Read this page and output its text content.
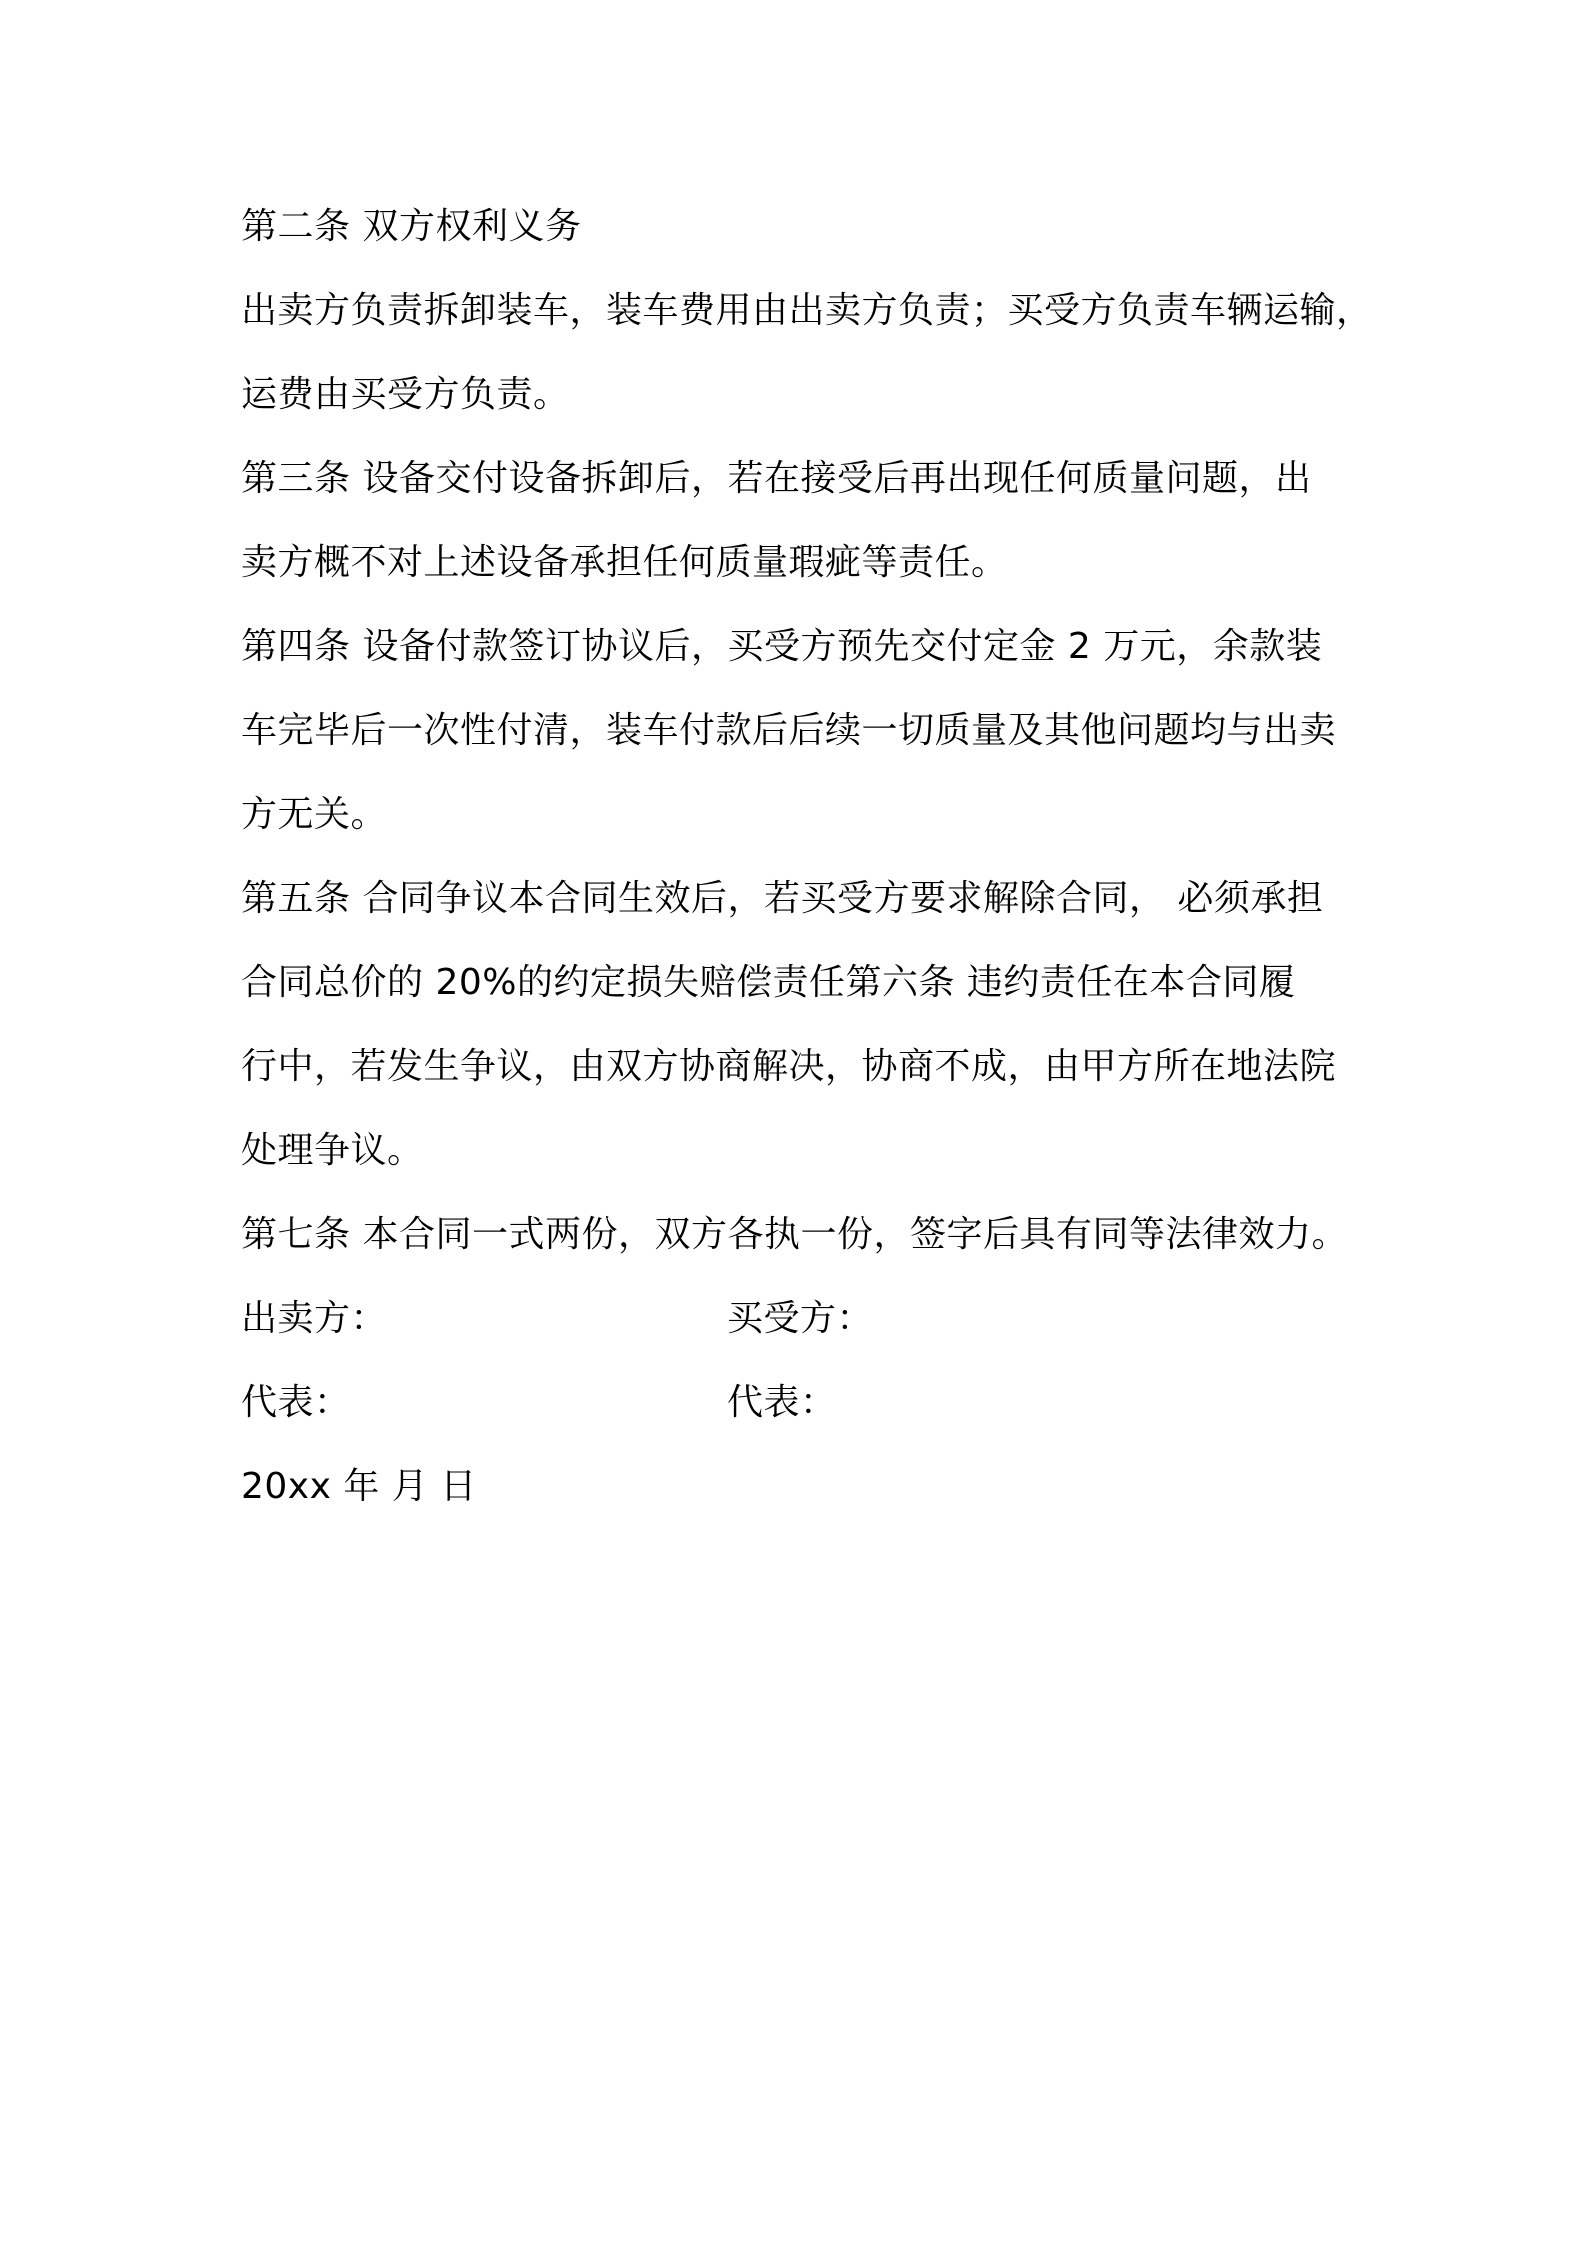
第二条 双方权利义务
出卖方负责拆卸装车，装车费用由出卖方负责；买受方负责车辆运输，
运费由买受方负责。
第三条 设备交付设备拆卸后，若在接受后再出现任何质量问题，出
卖方概不对上述设备承担任何质量瑕疵等责任。
第四条 设备付款签订协议后，买受方预先交付定金 2 万元，余款装
车完毕后一次性付清，装车付款后后续一切质量及其他问题均与出卖
方无关。
第五条 合同争议本合同生效后，若买受方要求解除合同， 必须承担
合同总价的 20%的约定损失赔偿责任第六条 违约责任在本合同履
行中，若发生争议，由双方协商解决，协商不成，由甲方所在地法院
处理争议。
第七条 本合同一式两份，双方各执一份，签字后具有同等法律效力。
出卖方：	买受方：
代表：	代表：
20xx 年 月 日
